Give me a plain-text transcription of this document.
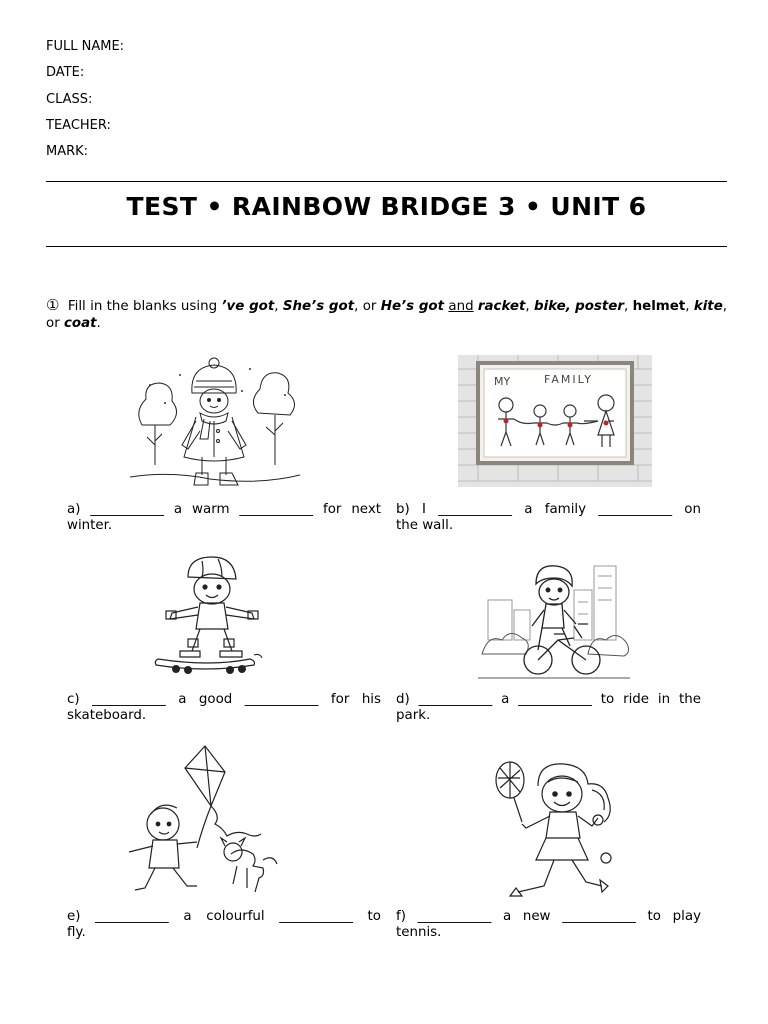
FULL NAME:
DATE:
CLASS:
TEACHER:
MARK:
TEST • RAINBOW BRIDGE 3 • UNIT 6
① Fill in the blanks using ’ve got, She’s got, or He’s got and racket, bike, poster, helmet, kite, or coat.
MY	FAMILY
a) ___________ a warm ___________ for next
winter.
b) I ___________ a family ___________ on
the wall.
c) ___________ a good ___________ for his
skateboard.
d) ___________ a ___________ to ride in the
park.
e) ___________ a colourful ___________ to
fly.
f) ___________ a new ___________ to play
tennis.
